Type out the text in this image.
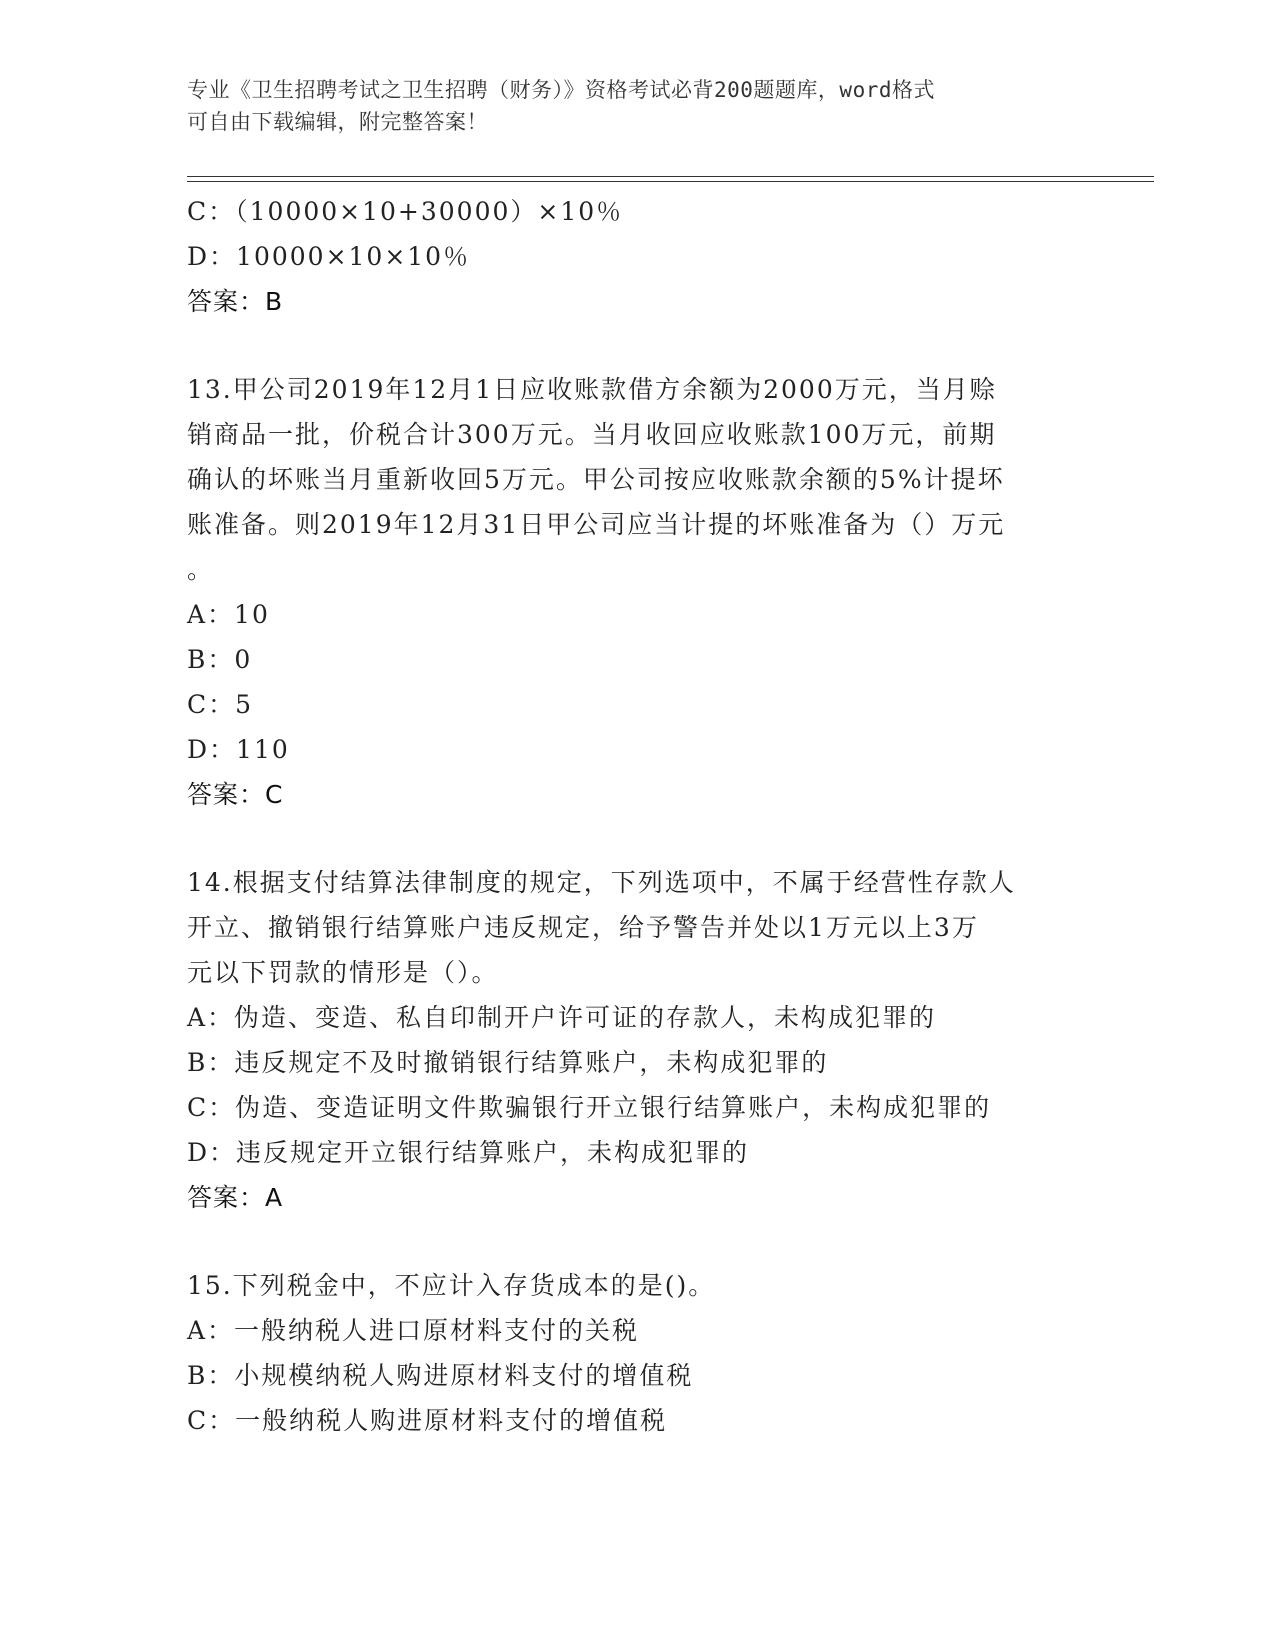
专业《卫生招聘考试之卫生招聘（财务）》资格考试必背200题题库，word格式
可自由下载编辑，附完整答案！
C：（10000×10+30000）×10％
D：10000×10×10％
答案：B
13.甲公司2019年12月1日应收账款借方余额为2000万元，当月赊
销商品一批，价税合计300万元。当月收回应收账款100万元，前期
确认的坏账当月重新收回5万元。甲公司按应收账款余额的5%计提坏
账准备。则2019年12月31日甲公司应当计提的坏账准备为（）万元
。
A：10
B：0
C：5
D：110
答案：C
14.根据支付结算法律制度的规定，下列选项中，不属于经营性存款人
开立、撤销银行结算账户违反规定，给予警告并处以1万元以上3万
元以下罚款的情形是（）。
A：伪造、变造、私自印制开户许可证的存款人，未构成犯罪的
B：违反规定不及时撤销银行结算账户，未构成犯罪的
C：伪造、变造证明文件欺骗银行开立银行结算账户，未构成犯罪的
D：违反规定开立银行结算账户，未构成犯罪的
答案：A
15.下列税金中，不应计入存货成本的是()。
A：一般纳税人进口原材料支付的关税
B：小规模纳税人购进原材料支付的增值税
C：一般纳税人购进原材料支付的增值税
